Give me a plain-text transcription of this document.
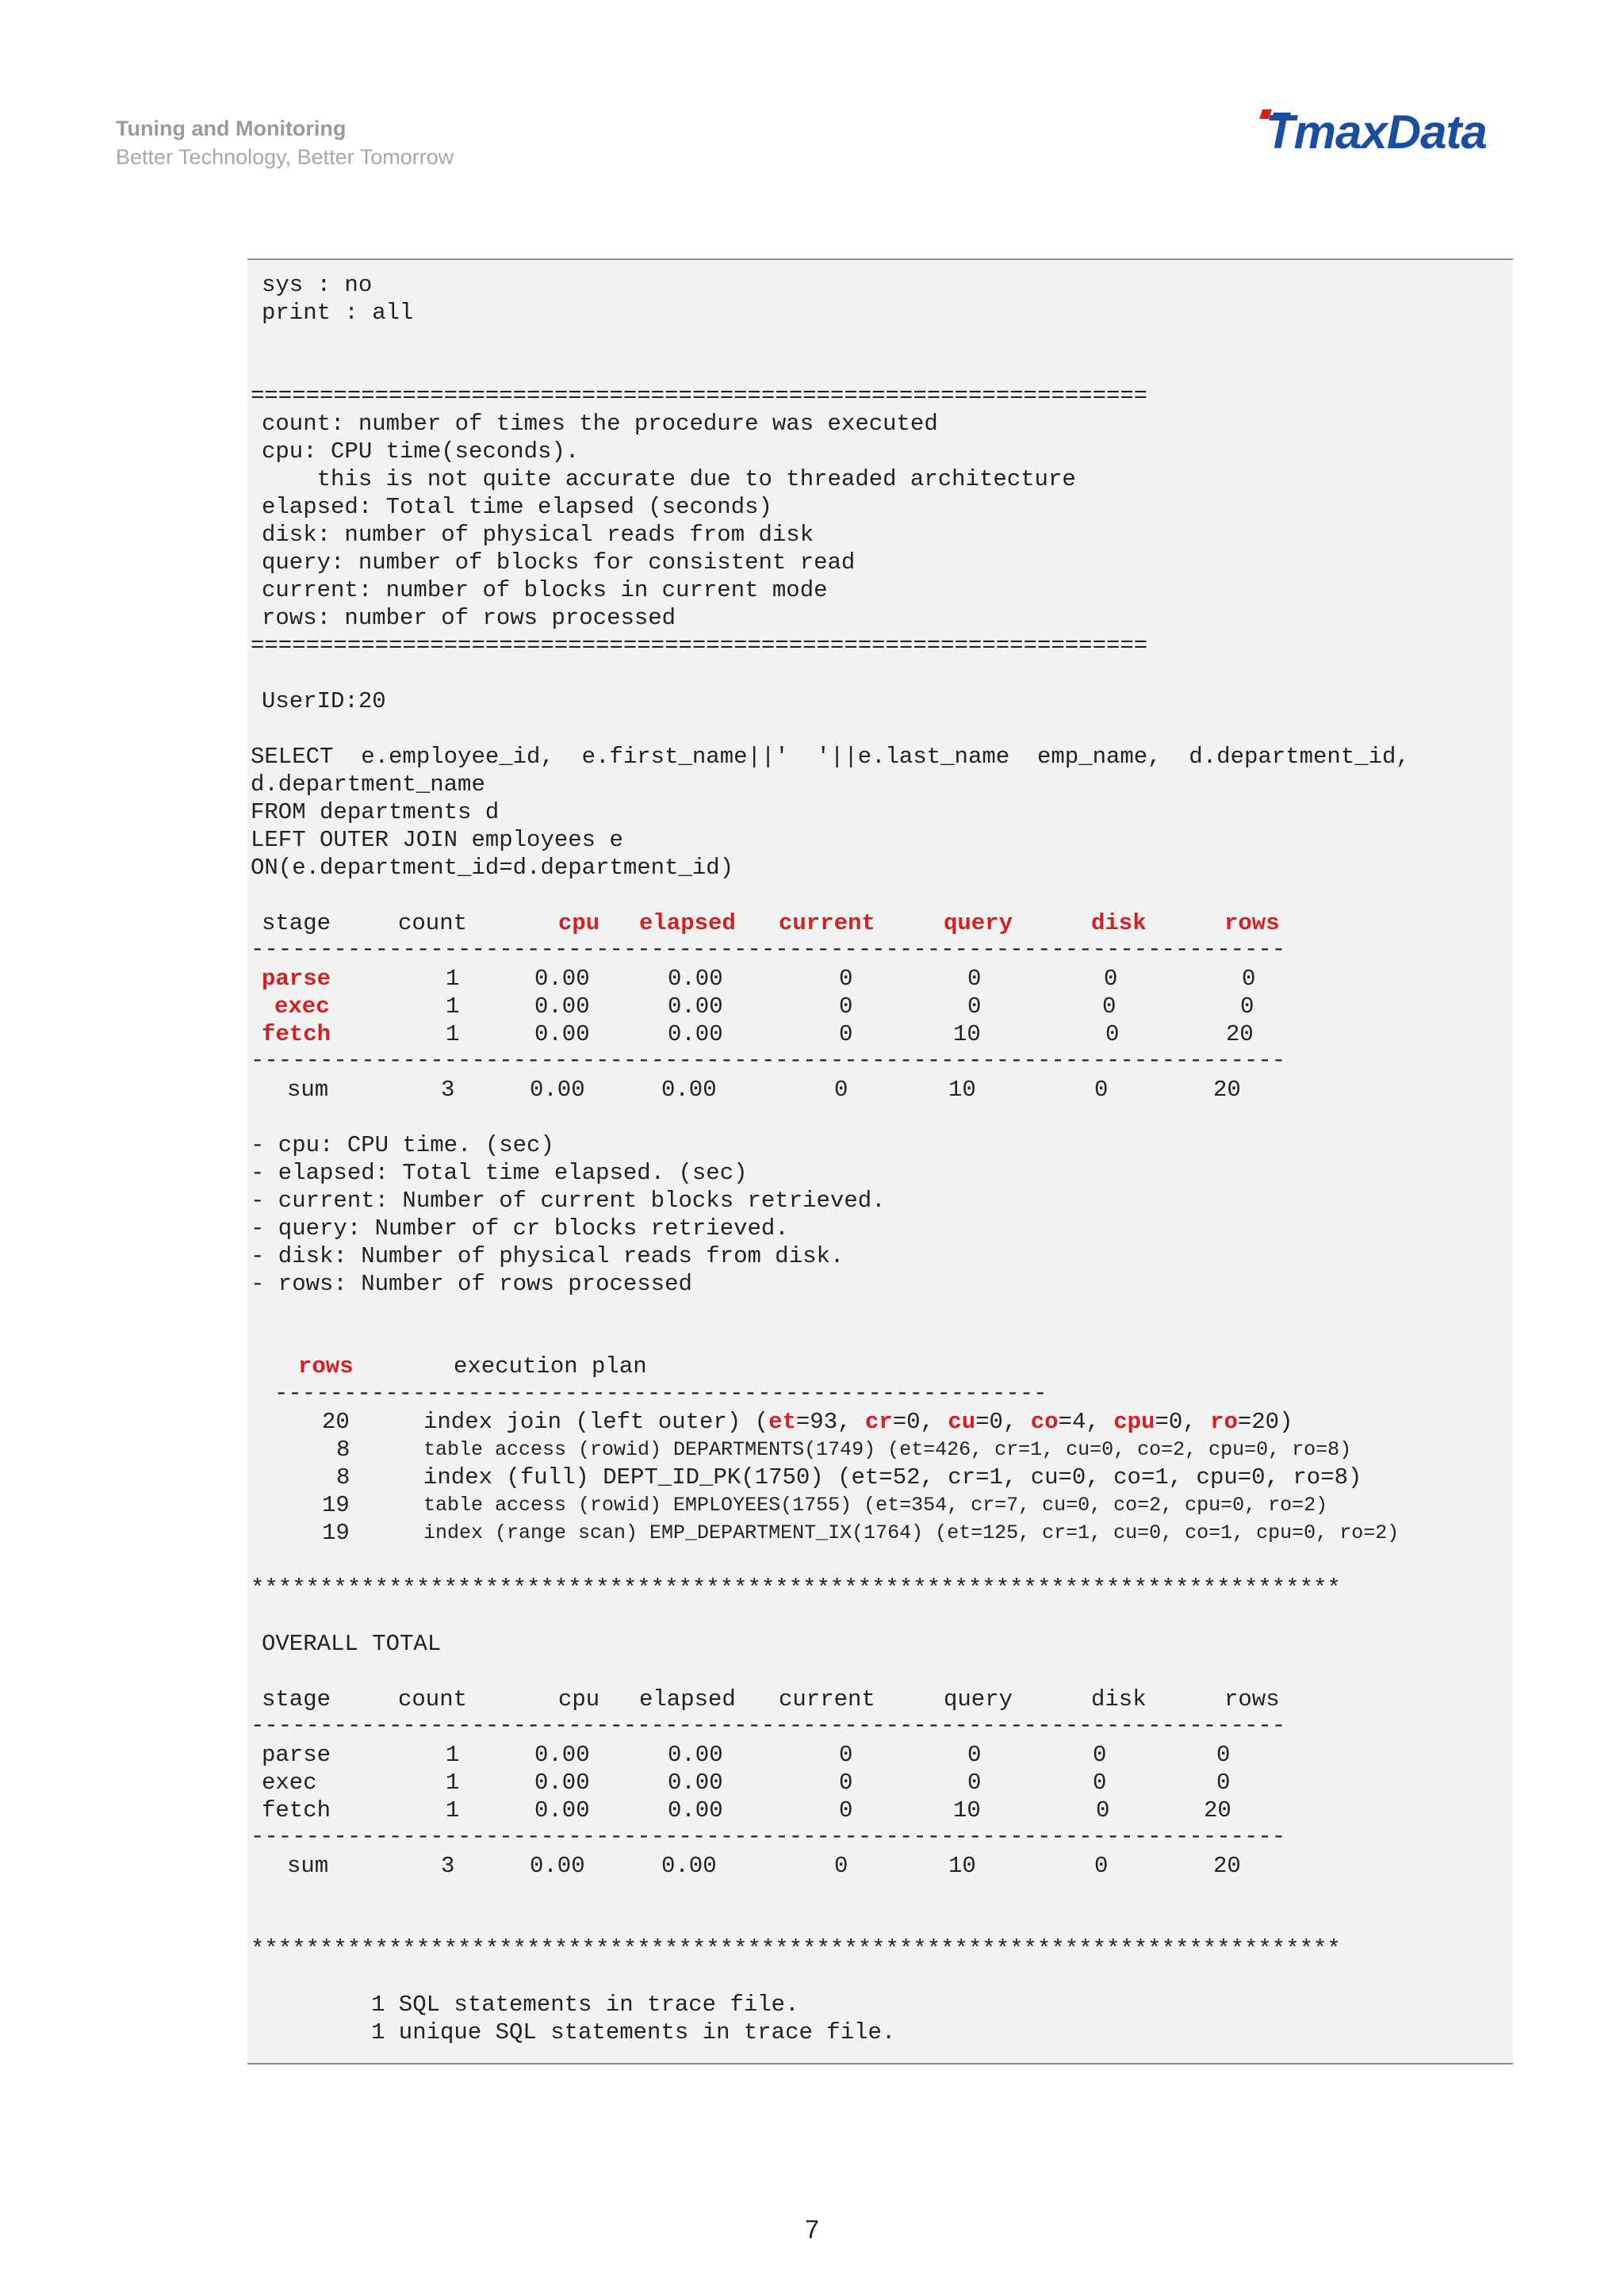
Tuning and Monitoring
Better Technology, Better Tomorrow	TmaxData
sys : no
print : all
=================================================================
count: number of times the procedure was executed
cpu: CPU time(seconds).
this is not quite accurate due to threaded architecture
elapsed: Total time elapsed (seconds)
disk: number of physical reads from disk
query: number of blocks for consistent read
current: number of blocks in current mode
rows: number of rows processed
=================================================================
UserID:20
SELECT  e.employee_id,  e.first_name||'  '||e.last_name  emp_name,  d.department_id,
d.department_name
FROM departments d
LEFT OUTER JOIN employees e
ON(e.department_id=d.department_id)
stage	count	cpu elapsed current	query	disk	rows
---------------------------------------------------------------------------
parse	1	0.00	0.00	0	0	0	0
exec	1	0.00	0.00	0	0	0	0
fetch	1	0.00	0.00	0	10	0	20
---------------------------------------------------------------------------
sum	3	0.00	0.00	0	10	0	20
- cpu: CPU time. (sec)
- elapsed: Total time elapsed. (sec)
- current: Number of current blocks retrieved.
- query: Number of cr blocks retrieved.
- disk: Number of physical reads from disk.
- rows: Number of rows processed
rows	execution plan
--------------------------------------------------------
20	index join (left outer) (et=93, cr=0, cu=0, co=4, cpu=0, ro=20)
8	table access (rowid) DEPARTMENTS(1749) (et=426, cr=1, cu=0, co=2, cpu=0, ro=8)
8	index (full) DEPT_ID_PK(1750) (et=52, cr=1, cu=0, co=1, cpu=0, ro=8)
19	table access (rowid) EMPLOYEES(1755) (et=354, cr=7, cu=0, co=2, cpu=0, ro=2)
19	index (range scan) EMP_DEPARTMENT_IX(1764) (et=125, cr=1, cu=0, co=1, cpu=0, ro=2)
*******************************************************************************
OVERALL TOTAL
stage	count	cpu elapsed current	query	disk	rows
---------------------------------------------------------------------------
parse	1	0.00	0.00	0	0	0	0
exec	1	0.00	0.00	0	0	0	0
fetch	1	0.00	0.00	0	10	0	20
---------------------------------------------------------------------------
sum	3	0.00	0.00	0	10	0	20
*******************************************************************************
1 SQL statements in trace file.
1 unique SQL statements in trace file.
7
